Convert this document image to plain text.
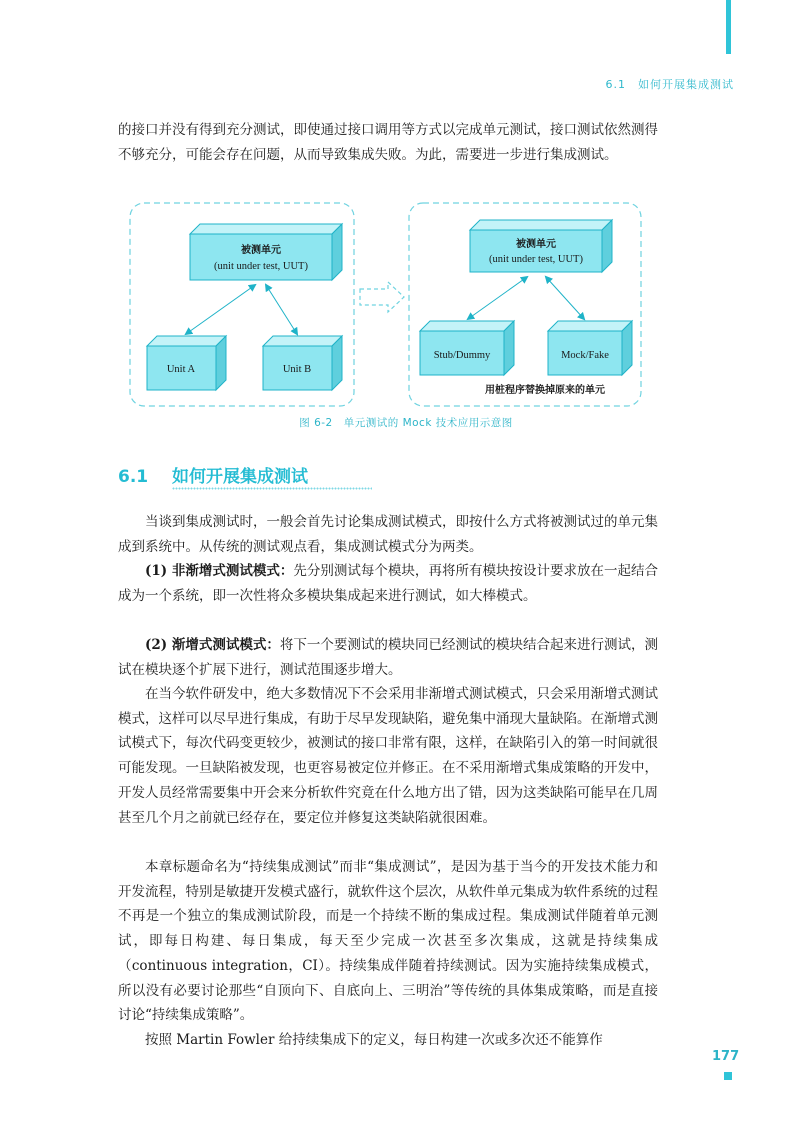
6.1　如何开展集成测试

的接口并没有得到充分测试，即使通过接口调用等方式以完成单元测试，接口测试依然测得不够充分，可能会存在问题，从而导致集成失败。为此，需要进一步进行集成测试。

被测单元
(unit under test, UUT)
Unit A	Unit B
被测单元
(unit under test, UUT)
Stub/Dummy	Mock/Fake
用桩程序替换掉原来的单元
图 6-2　单元测试的 Mock 技术应用示意图
6.1 如何开展集成测试

当谈到集成测试时，一般会首先讨论集成测试模式，即按什么方式将被测试过的单元集成到系统中。从传统的测试观点看，集成测试模式分为两类。

(1) 非渐增式测试模式：先分别测试每个模块，再将所有模块按设计要求放在一起结合成为一个系统，即一次性将众多模块集成起来进行测试，如大棒模式。

(2) 渐增式测试模式：将下一个要测试的模块同已经测试的模块结合起来进行测试，测试在模块逐个扩展下进行，测试范围逐步增大。

在当今软件研发中，绝大多数情况下不会采用非渐增式测试模式，只会采用渐增式测试模式，这样可以尽早进行集成，有助于尽早发现缺陷，避免集中涌现大量缺陷。在渐增式测试模式下，每次代码变更较少，被测试的接口非常有限，这样，在缺陷引入的第一时间就很可能发现。一旦缺陷被发现，也更容易被定位并修正。在不采用渐增式集成策略的开发中，开发人员经常需要集中开会来分析软件究竟在什么地方出了错，因为这类缺陷可能早在几周甚至几个月之前就已经存在，要定位并修复这类缺陷就很困难。

本章标题命名为“持续集成测试”而非“集成测试”，是因为基于当今的开发技术能力和开发流程，特别是敏捷开发模式盛行，就软件这个层次，从软件单元集成为软件系统的过程不再是一个独立的集成测试阶段，而是一个持续不断的集成过程。集成测试伴随着单元测试，即每日构建、每日集成，每天至少完成一次甚至多次集成，这就是持续集成（continuous integration，CI）。持续集成伴随着持续测试。因为实施持续集成模式，所以没有必要讨论那些“自顶向下、自底向上、三明治”等传统的具体集成策略，而是直接讨论“持续集成策略”。

按照 Martin Fowler 给持续集成下的定义，每日构建一次或多次还不能算作

177
